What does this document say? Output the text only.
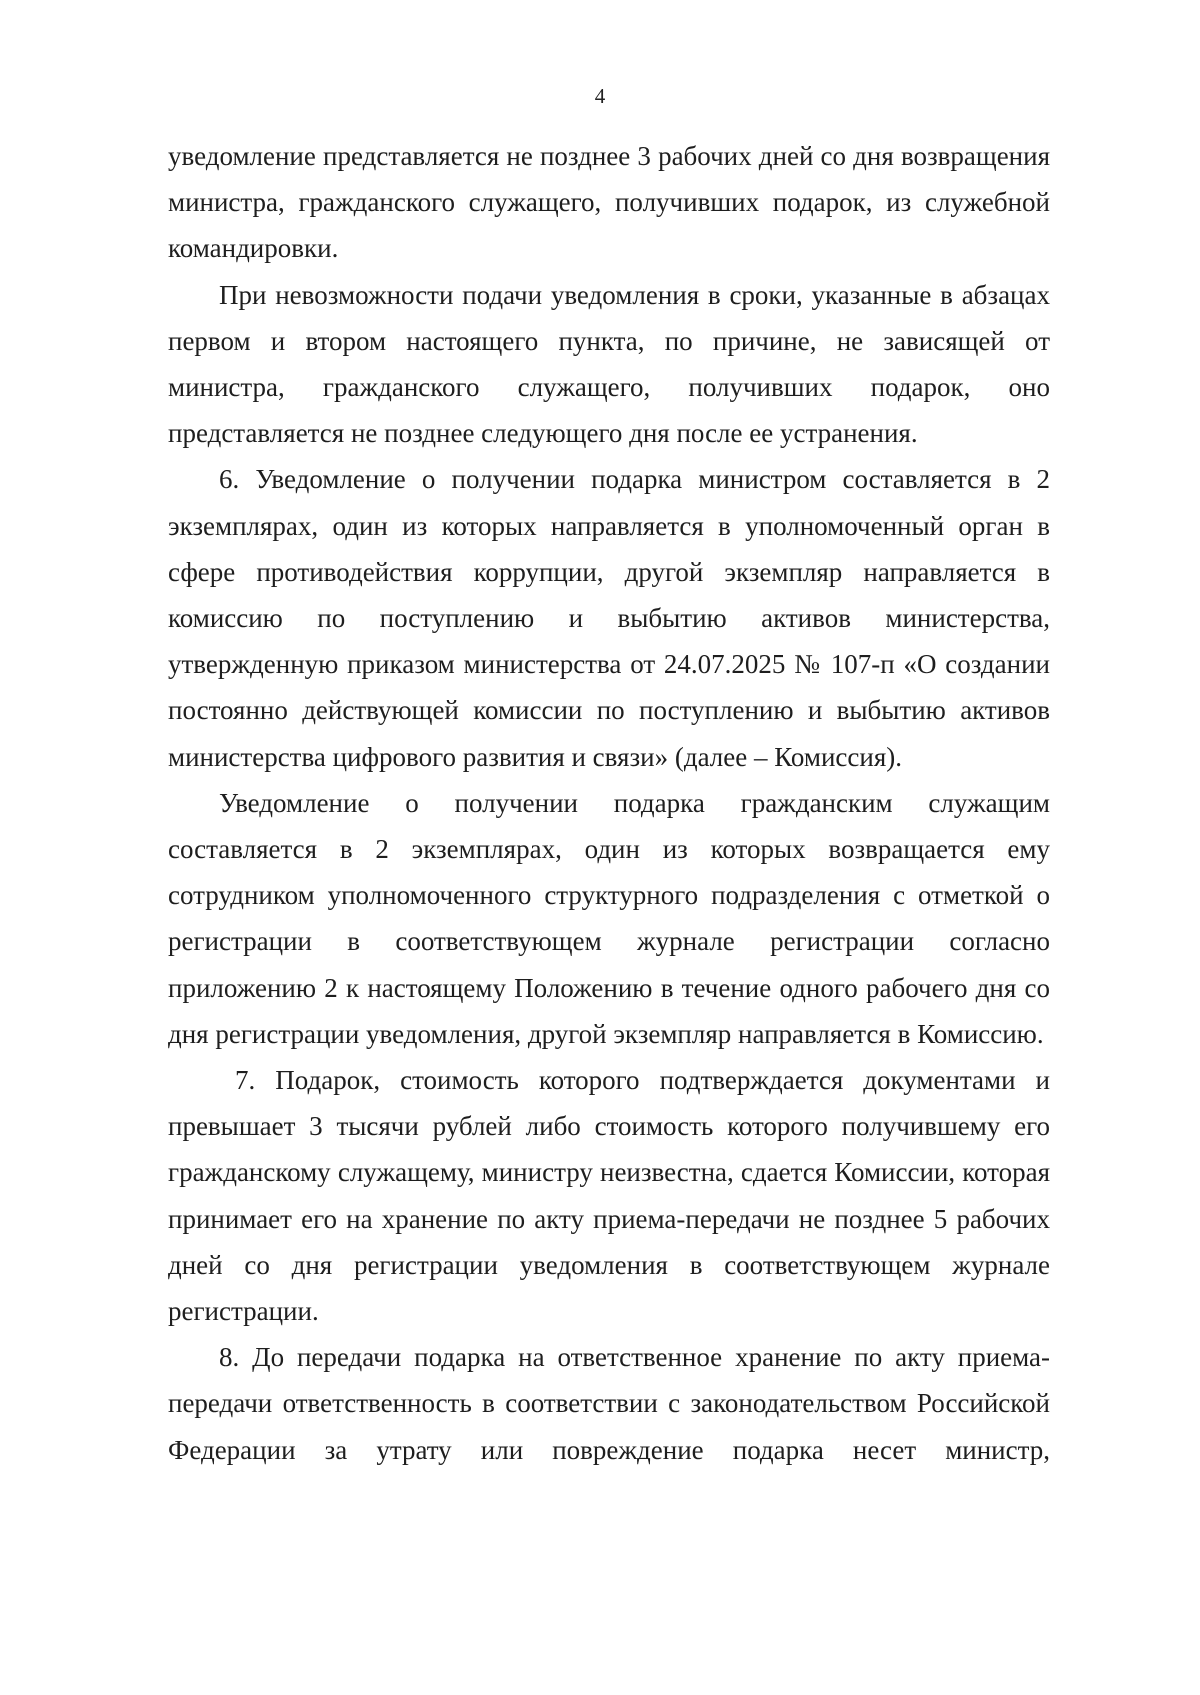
4

уведомление представляется не позднее 3 рабочих дней со дня возвращения министра, гражданского служащего, получивших подарок, из служебной командировки.

При невозможности подачи уведомления в сроки, указанные в абзацах первом и втором настоящего пункта, по причине, не зависящей от министра, гражданского служащего, получивших подарок, оно представляется не позднее следующего дня после ее устранения.

6. Уведомление о получении подарка министром составляется в 2 экземплярах, один из которых направляется в уполномоченный орган в сфере противодействия коррупции, другой экземпляр направляется в комиссию по поступлению и выбытию активов министерства, утвержденную приказом министерства от 24.07.2025 № 107-п «О создании постоянно действующей комиссии по поступлению и выбытию активов министерства цифрового развития и связи» (далее – Комиссия).

Уведомление о получении подарка гражданским служащим составляется в 2 экземплярах, один из которых возвращается ему сотрудником уполномоченного структурного подразделения с отметкой о регистрации в соответствующем журнале регистрации согласно приложению 2 к настоящему Положению в течение одного рабочего дня со дня регистрации уведомления, другой экземпляр направляется в Комиссию.

7. Подарок, стоимость которого подтверждается документами и превышает 3 тысячи рублей либо стоимость которого получившему его гражданскому служащему, министру неизвестна, сдается Комиссии, которая принимает его на хранение по акту приема-передачи не позднее 5 рабочих дней со дня регистрации уведомления в соответствующем журнале регистрации.

8. До передачи подарка на ответственное хранение по акту приема-передачи ответственность в соответствии с законодательством Российской Федерации за утрату или повреждение подарка несет министр,
